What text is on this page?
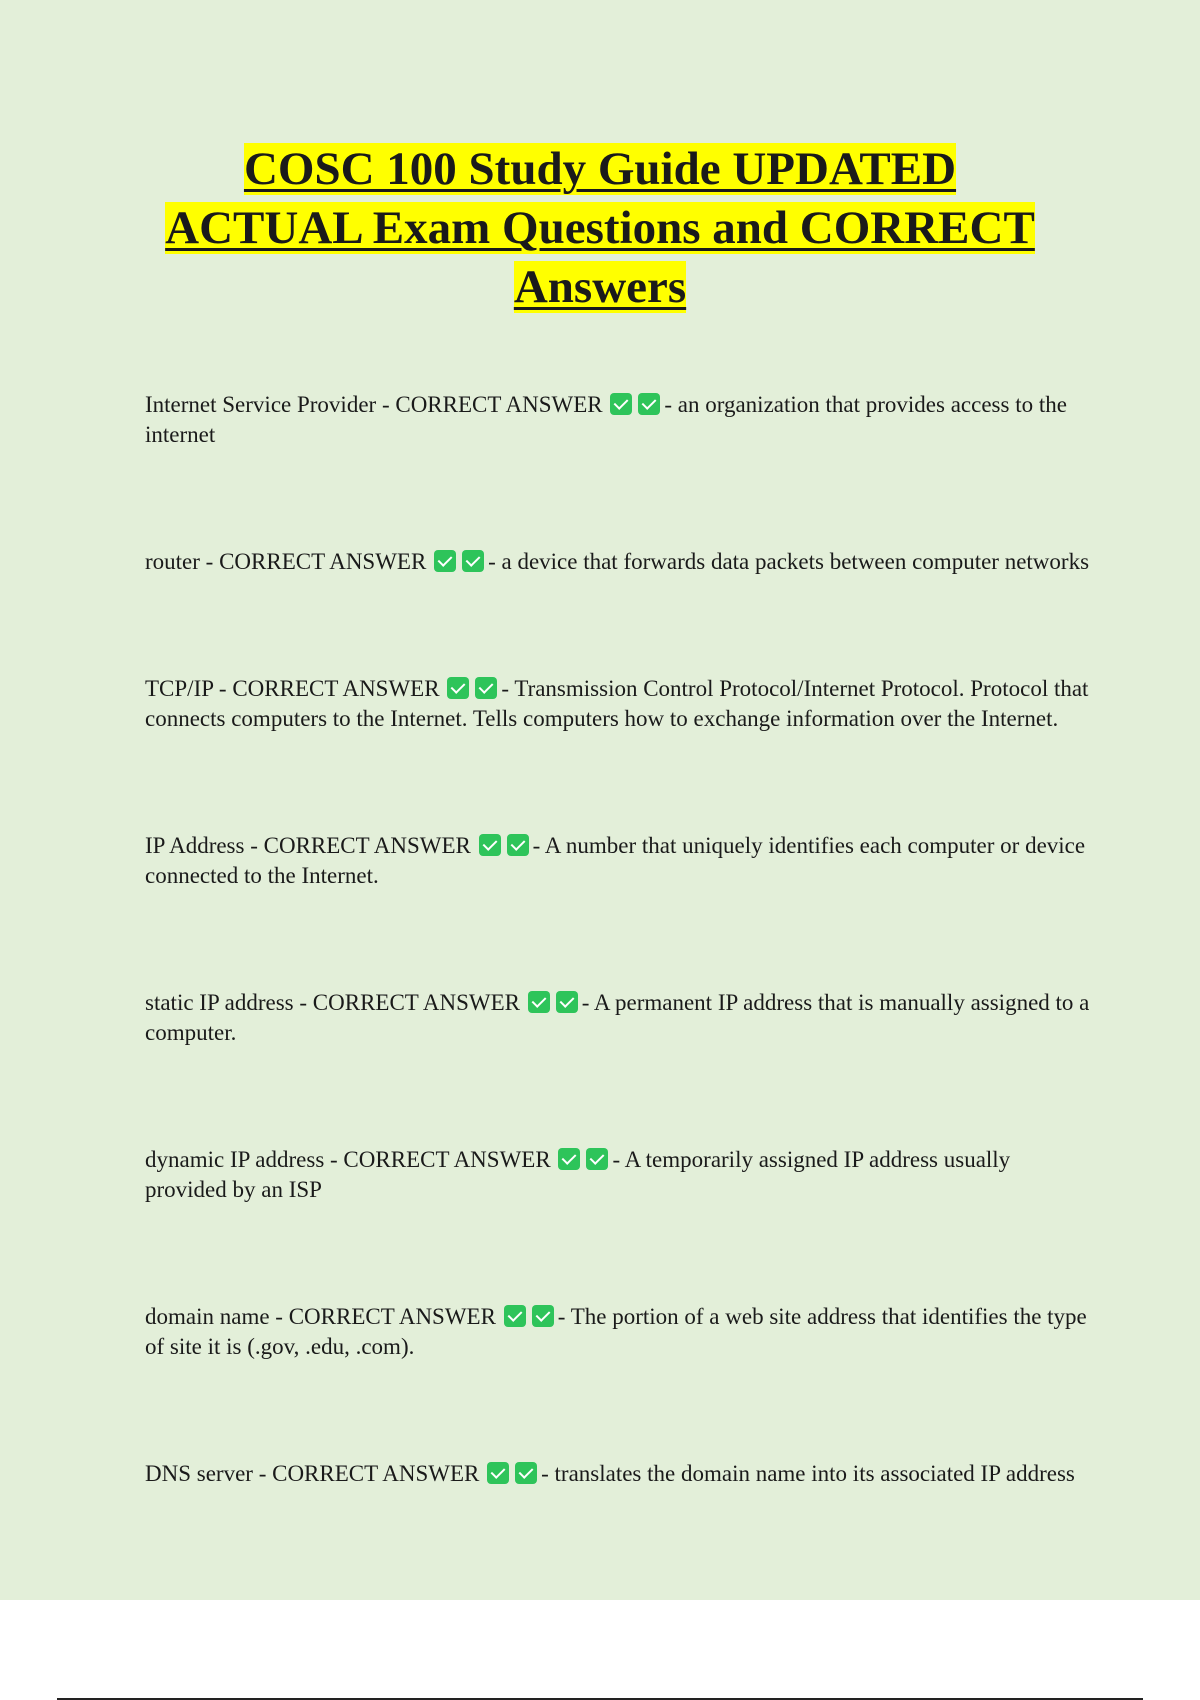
COSC 100 Study Guide UPDATED
ACTUAL Exam Questions and CORRECT
Answers

Internet Service Provider - CORRECT ANSWER	- an organization that provides access to the internet

router - CORRECT ANSWER	- a device that forwards data packets between computer networks

TCP/IP - CORRECT ANSWER	- Transmission Control Protocol/Internet Protocol. Protocol that connects computers to the Internet. Tells computers how to exchange information over the Internet.

IP Address - CORRECT ANSWER	- A number that uniquely identifies each computer or device connected to the Internet.

static IP address - CORRECT ANSWER	- A permanent IP address that is manually assigned to a computer.

dynamic IP address - CORRECT ANSWER	- A temporarily assigned IP address usually provided by an ISP

domain name - CORRECT ANSWER	- The portion of a web site address that identifies the type of site it is (.gov, .edu, .com).

DNS server - CORRECT ANSWER	- translates the domain name into its associated IP address
